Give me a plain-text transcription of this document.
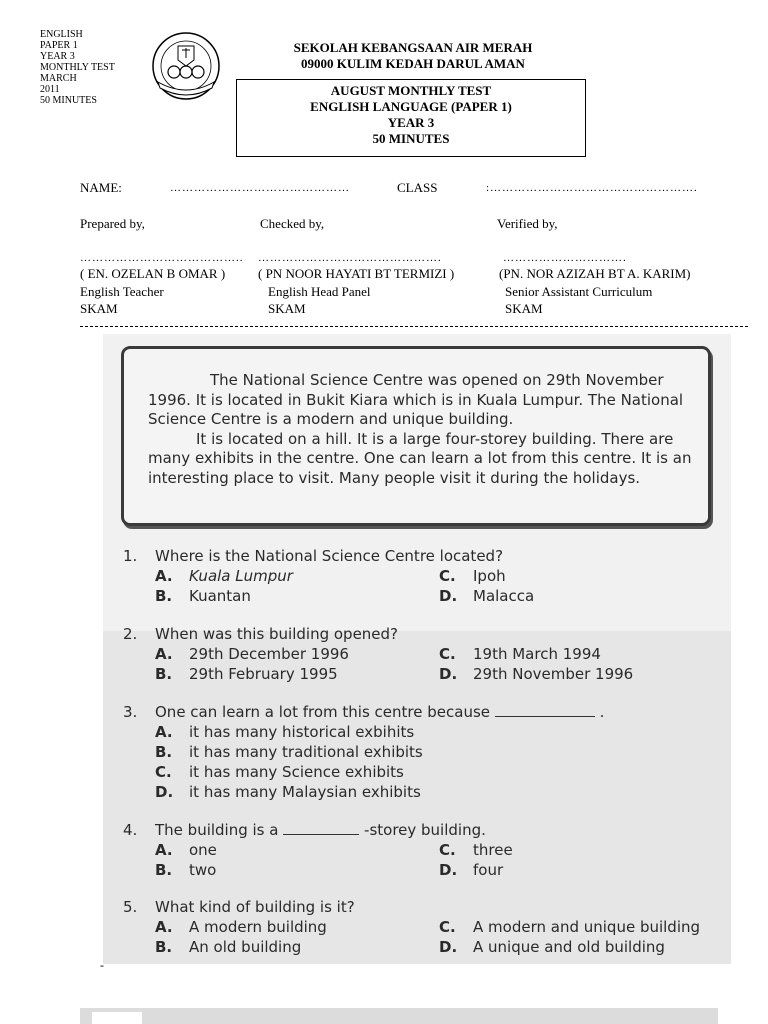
ENGLISH
PAPER 1
YEAR 3
MONTHLY TEST
MARCH
2011
50 MINUTES
SEKOLAH KEBANGSAAN AIR MERAH
09000 KULIM KEDAH DARUL AMAN
AUGUST MONTHLY TEST
ENGLISH LANGUAGE (PAPER 1)
YEAR 3
50 MINUTES
NAME:	………………………………………	CLASS	:…………………………………………….
Prepared by,	Checked by,	Verified by,
………………………………….. ……………………………………….	………………………….
( EN. OZELAN B OMAR )	( PN NOOR HAYATI BT TERMIZI )	(PN. NOR AZIZAH BT A. KARIM)
English Teacher	English Head Panel	Senior Assistant Curriculum
SKAM	SKAM	SKAM

The National Science Centre was opened on 29th November 1996. It is located in Bukit Kiara which is in Kuala Lumpur. The National Science Centre is a modern and unique building.

It is located on a hill. It is a large four-storey building. There are many exhibits in the centre. One can learn a lot from this centre. It is an interesting place to visit. Many people visit it during the holidays.

1. Where is the National Science Centre located?
A. Kuala Lumpur	C. Ipoh
B. Kuantan	D. Malacca
2. When was this building opened?
A. 29th December 1996	C. 19th March 1994
B. 29th February 1995	D. 29th November 1996
3. One can learn a lot from this centre because	.
A. it has many historical exbihits
B. it has many traditional exhibits
C. it has many Science exhibits
D. it has many Malaysian exhibits
4. The building is a	-storey building.
A. one	C. three
B. two	D. four
5. What kind of building is it?
A. A modern building	C. A modern and unique building
B. An old building	D. A unique and old building
-
